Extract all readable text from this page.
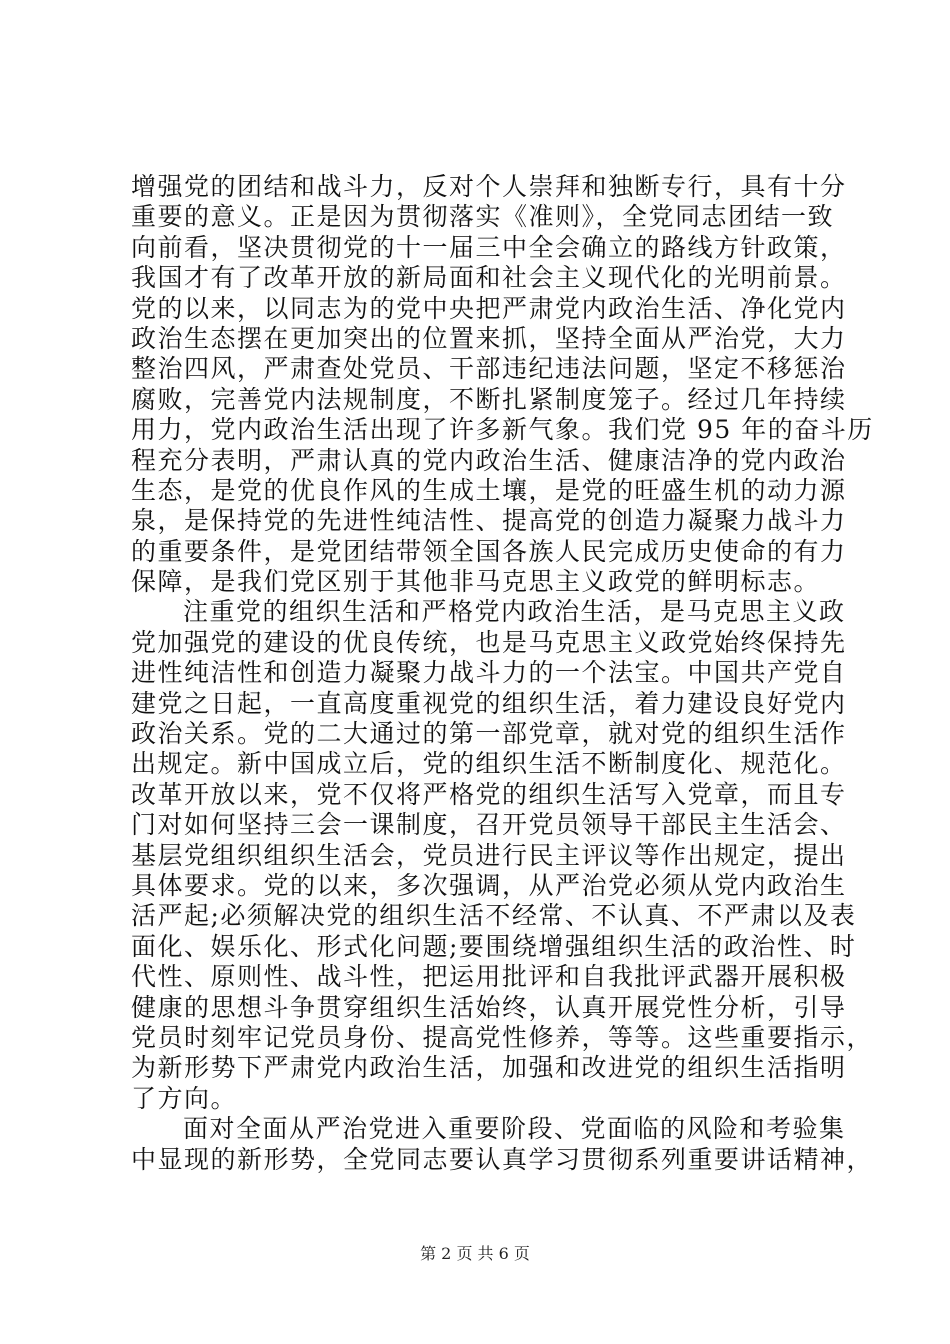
增强党的团结和战斗力，反对个人崇拜和独断专行，具有十分
重要的意义。正是因为贯彻落实《准则》，全党同志团结一致
向前看，坚决贯彻党的十一届三中全会确立的路线方针政策，
我国才有了改革开放的新局面和社会主义现代化的光明前景。
党的以来，以同志为的党中央把严肃党内政治生活、净化党内
政治生态摆在更加突出的位置来抓，坚持全面从严治党，大力
整治四风，严肃查处党员、干部违纪违法问题，坚定不移惩治
腐败，完善党内法规制度，不断扎紧制度笼子。经过几年持续
用力，党内政治生活出现了许多新气象。我们党 95 年的奋斗历
程充分表明，严肃认真的党内政治生活、健康洁净的党内政治
生态，是党的优良作风的生成土壤，是党的旺盛生机的动力源
泉，是保持党的先进性纯洁性、提高党的创造力凝聚力战斗力
的重要条件，是党团结带领全国各族人民完成历史使命的有力
保障，是我们党区别于其他非马克思主义政党的鲜明标志。
注重党的组织生活和严格党内政治生活，是马克思主义政
党加强党的建设的优良传统，也是马克思主义政党始终保持先
进性纯洁性和创造力凝聚力战斗力的一个法宝。中国共产党自
建党之日起，一直高度重视党的组织生活，着力建设良好党内
政治关系。党的二大通过的第一部党章，就对党的组织生活作
出规定。新中国成立后，党的组织生活不断制度化、规范化。
改革开放以来，党不仅将严格党的组织生活写入党章，而且专
门对如何坚持三会一课制度，召开党员领导干部民主生活会、
基层党组织组织生活会，党员进行民主评议等作出规定，提出
具体要求。党的以来，多次强调，从严治党必须从党内政治生
活严起;必须解决党的组织生活不经常、不认真、不严肃以及表
面化、娱乐化、形式化问题;要围绕增强组织生活的政治性、时
代性、原则性、战斗性，把运用批评和自我批评武器开展积极
健康的思想斗争贯穿组织生活始终，认真开展党性分析，引导
党员时刻牢记党员身份、提高党性修养，等等。这些重要指示，
为新形势下严肃党内政治生活，加强和改进党的组织生活指明
了方向。
面对全面从严治党进入重要阶段、党面临的风险和考验集
中显现的新形势，全党同志要认真学习贯彻系列重要讲话精神，
第 2 页 共 6 页
